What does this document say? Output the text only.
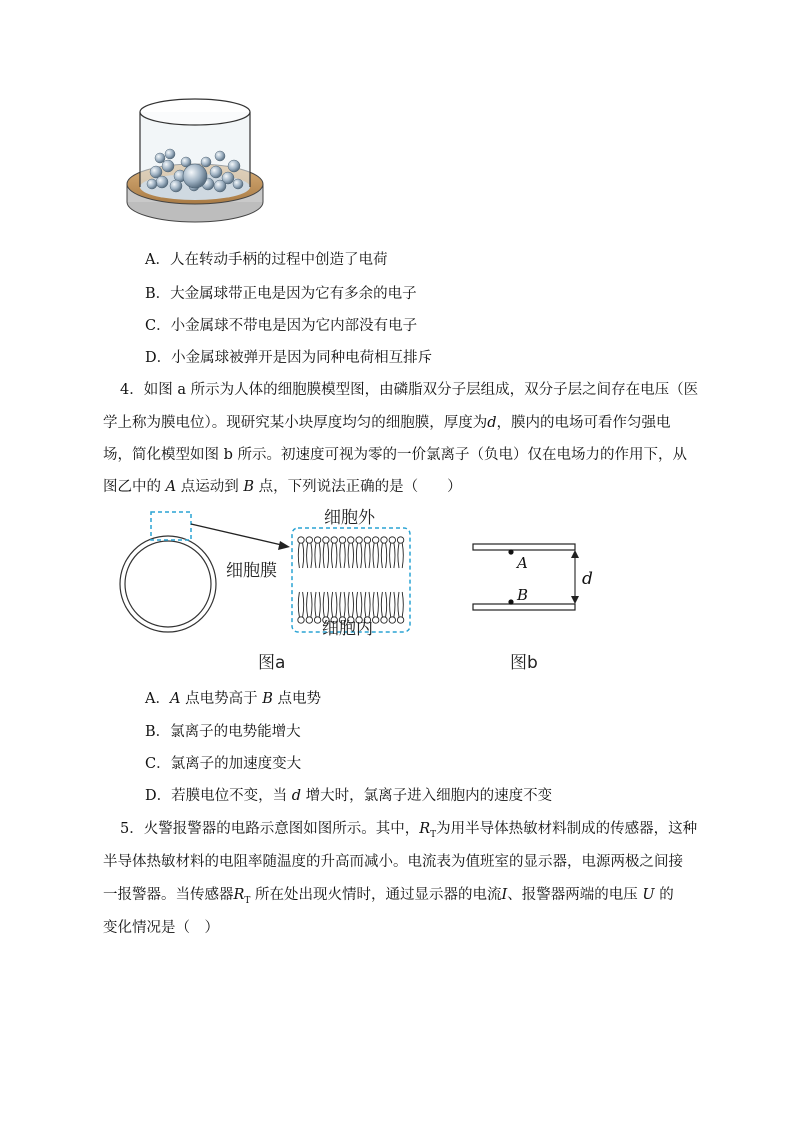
A．人在转动手柄的过程中创造了电荷
B．大金属球带正电是因为它有多余的电子
C．小金属球不带电是因为它内部没有电子
D．小金属球被弹开是因为同种电荷相互排斥
4．如图 a 所示为人体的细胞膜模型图，由磷脂双分子层组成，双分子层之间存在电压（医
学上称为膜电位）。现研究某小块厚度均匀的细胞膜，厚度为d，膜内的电场可看作匀强电
场，简化模型如图 b 所示。初速度可视为零的一价氯离子（负电）仅在电场力的作用下，从
图乙中的 A 点运动到 B 点，下列说法正确的是（　　）
细胞外
细胞膜
细胞内
图a
A
B
d
图b
A．A 点电势高于 B 点电势
B．氯离子的电势能增大
C．氯离子的加速度变大
D．若膜电位不变，当 d 增大时，氯离子进入细胞内的速度不变
5．火警报警器的电路示意图如图所示。其中，$R_T$为用半导体热敏材料制成的传感器，这种
半导体热敏材料的电阻率随温度的升高而减小。电流表为值班室的显示器，电源两极之间接
一报警器。当传感器$R_T$ 所在处出现火情时，通过显示器的电流I、报警器两端的电压 U 的
变化情况是（　）
